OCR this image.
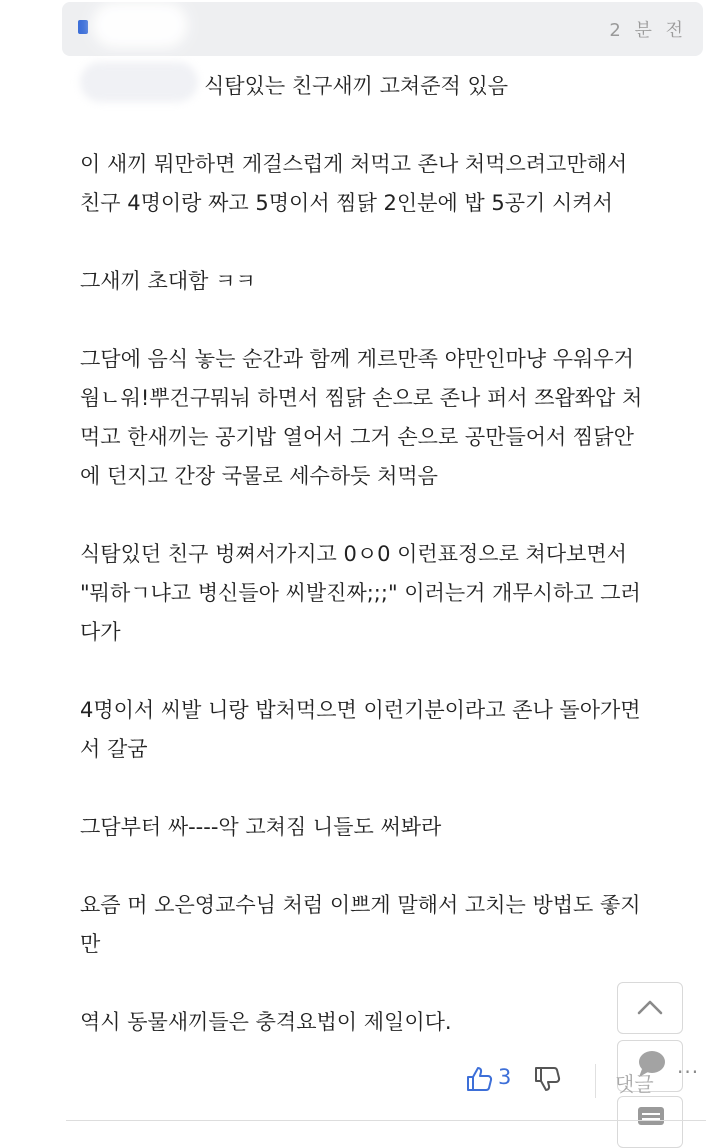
2 분 전
식탐있는 친구새끼 고쳐준적 있음

이 새끼 뭐만하면 게걸스럽게 처먹고 존나 처먹으려고만해서
친구 4명이랑 짜고 5명이서 찜닭 2인분에 밥 5공기 시켜서

그새끼 초대함 ㅋㅋ

그담에 음식 놓는 순간과 함께 게르만족 야만인마냥 우워우거
웜ㄴ워!뿌건구뭐눠 하면서 찜닭 손으로 존나 퍼서 쯔왑쫘압 처
먹고 한새끼는 공기밥 열어서 그거 손으로 공만들어서 찜닭안
에 던지고 간장 국물로 세수하듯 처먹음

식탐있던 친구 벙쪄서가지고 0ㅇ0 이런표정으로 쳐다보면서
"뭐하ㄱ냐고 병신들아 씨발진짜;;;" 이러는거 개무시하고 그러
다가

4명이서 씨발 니랑 밥처먹으면 이런기분이라고 존나 돌아가면
서 갈굼

그담부터 싸----악 고쳐짐 니들도 써봐라

요즘 머 오은영교수님 처럼 이쁘게 말해서 고치는 방법도 좋지
만

역시 동물새끼들은 충격요법이 제일이다.

3	댓글 ···
